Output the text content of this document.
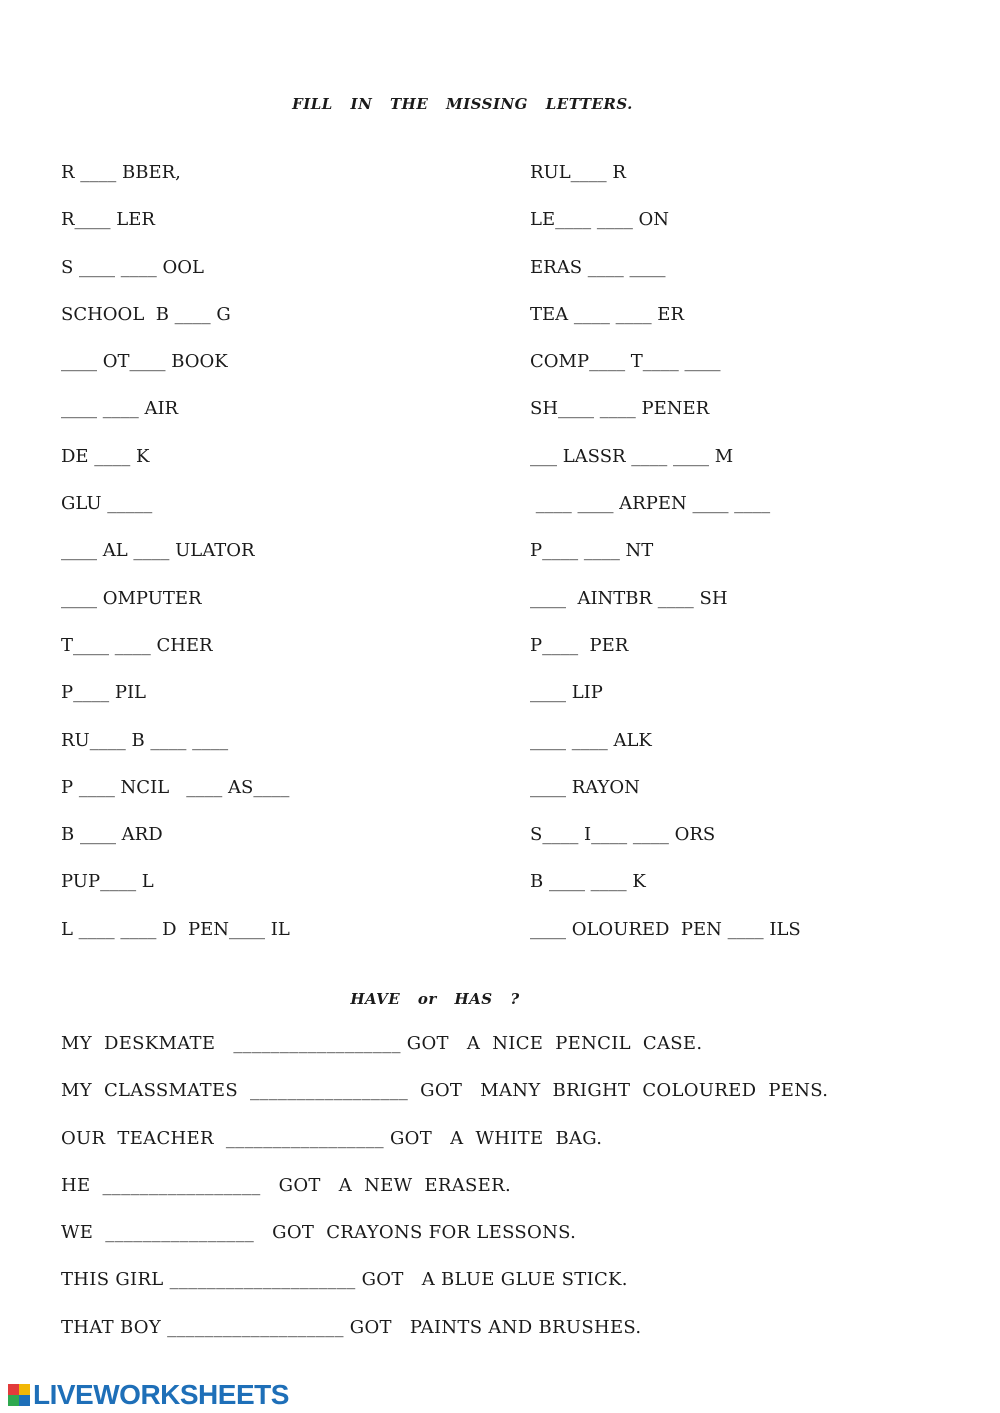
FILL IN THE MISSING LETTERS.
R ____ BBER,
R____ LER
S ____ ____ OOL
SCHOOL  B ____ G
____ OT____ BOOK
____ ____ AIR
DE ____ K
GLU _____
____ AL ____ ULATOR
____ OMPUTER
T____ ____ CHER
P____ PIL
RU____ B ____ ____
P ____ NCIL   ____ AS____
B ____ ARD
PUP____ L
L ____ ____ D  PEN____ IL
RUL____ R
LE____ ____ ON
ERAS ____ ____
TEA ____ ____ ER
COMP____ T____ ____
SH____ ____ PENER
___ LASSR ____ ____ M
____ ____ ARPEN ____ ____
P____ ____ NT
____  AINTBR ____ SH
P____  PER
____ LIP
____ ____ ALK
____ RAYON
S____ I____ ____ ORS
B ____ ____ K
____ OLOURED  PEN ____ ILS
HAVE or HAS ?
MY  DESKMATE   __________________ GOT   A  NICE  PENCIL  CASE.
MY  CLASSMATES  _________________  GOT   MANY  BRIGHT  COLOURED  PENS.
OUR  TEACHER  _________________ GOT   A  WHITE  BAG.
HE  _________________   GOT   A  NEW  ERASER.
WE  ________________   GOT  CRAYONS FOR LESSONS.
THIS GIRL ____________________ GOT   A BLUE GLUE STICK.
THAT BOY ___________________ GOT   PAINTS AND BRUSHES.
LIVEWORKSHEETS
